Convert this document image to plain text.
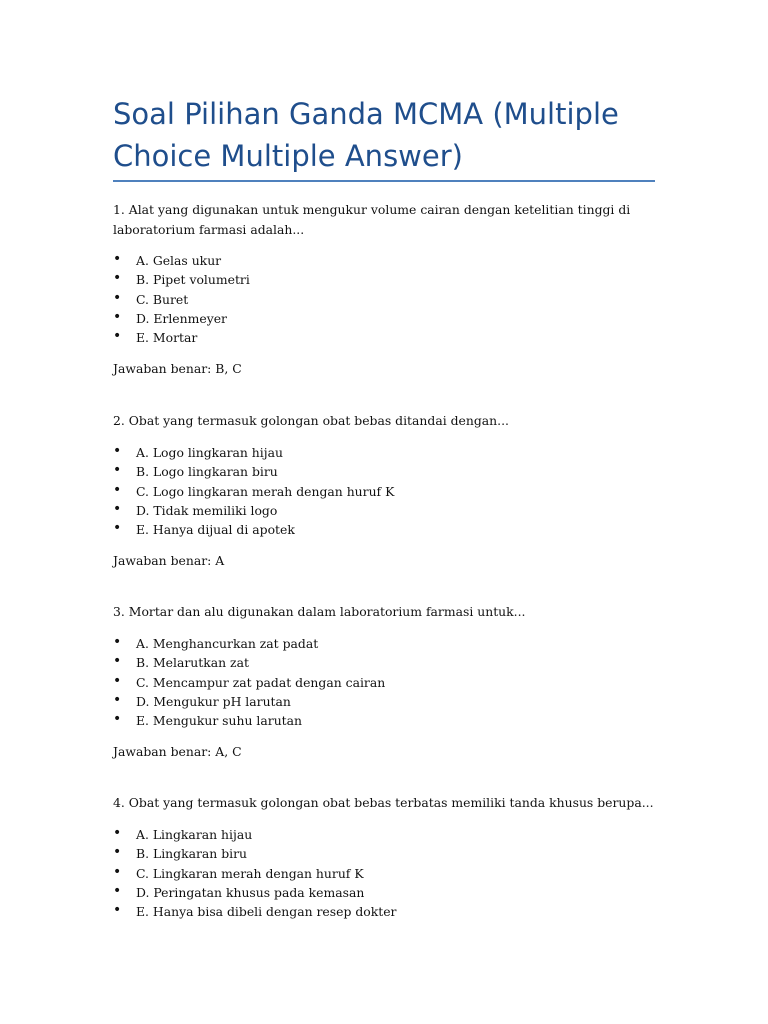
Soal Pilihan Ganda MCMA (Multiple Choice Multiple Answer)

1. Alat yang digunakan untuk mengukur volume cairan dengan ketelitian tinggi di laboratorium farmasi adalah...

• A. Gelas ukur
• B. Pipet volumetri
• C. Buret
• D. Erlenmeyer
• E. Mortar

Jawaban benar: B, C

2. Obat yang termasuk golongan obat bebas ditandai dengan...

• A. Logo lingkaran hijau
• B. Logo lingkaran biru
• C. Logo lingkaran merah dengan huruf K
• D. Tidak memiliki logo
• E. Hanya dijual di apotek

Jawaban benar: A

3. Mortar dan alu digunakan dalam laboratorium farmasi untuk...

• A. Menghancurkan zat padat
• B. Melarutkan zat
• C. Mencampur zat padat dengan cairan
• D. Mengukur pH larutan
• E. Mengukur suhu larutan

Jawaban benar: A, C

4. Obat yang termasuk golongan obat bebas terbatas memiliki tanda khusus berupa...

• A. Lingkaran hijau
• B. Lingkaran biru
• C. Lingkaran merah dengan huruf K
• D. Peringatan khusus pada kemasan
• E. Hanya bisa dibeli dengan resep dokter
